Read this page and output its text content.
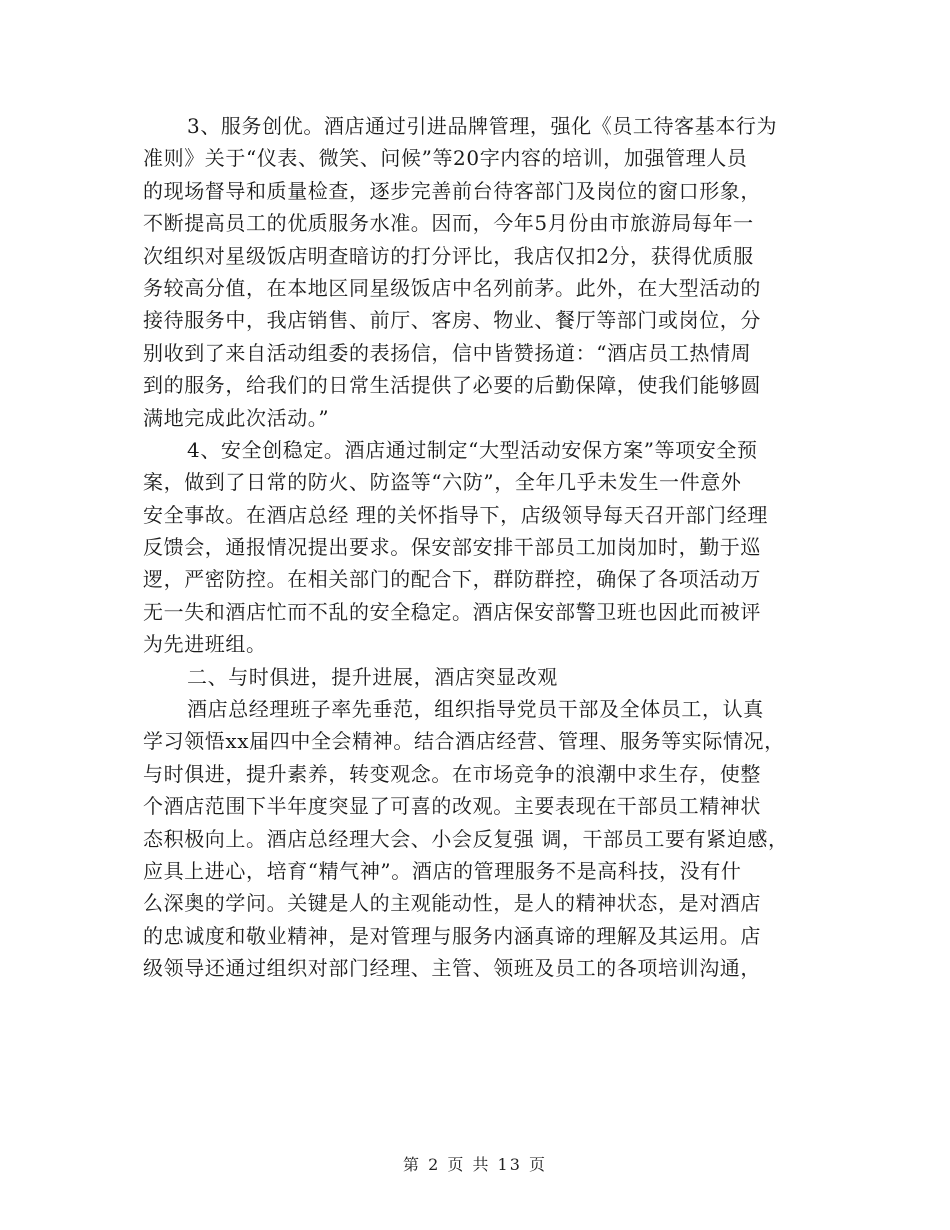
3、服务创优。酒店通过引进品牌管理，强化《员工待客基本行为
准则》关于“仪表、微笑、问候”等20字内容的培训，加强管理人员
的现场督导和质量检查，逐步完善前台待客部门及岗位的窗口形象，
不断提高员工的优质服务水准。因而，今年5月份由市旅游局每年一
次组织对星级饭店明查暗访的打分评比，我店仅扣2分，获得优质服
务较高分值，在本地区同星级饭店中名列前茅。此外，在大型活动的
接待服务中，我店销售、前厅、客房、物业、餐厅等部门或岗位，分
别收到了来自活动组委的表扬信，信中皆赞扬道：“酒店员工热情周
到的服务，给我们的日常生活提供了必要的后勤保障，使我们能够圆
满地完成此次活动。”
4、安全创稳定。酒店通过制定“大型活动安保方案”等项安全预
案，做到了日常的防火、防盗等“六防”，全年几乎未发生一件意外
安全事故。在酒店总经 理的关怀指导下，店级领导每天召开部门经理
反馈会，通报情况提出要求。保安部安排干部员工加岗加时，勤于巡
逻，严密防控。在相关部门的配合下，群防群控，确保了各项活动万
无一失和酒店忙而不乱的安全稳定。酒店保安部警卫班也因此而被评
为先进班组。
二、与时俱进，提升进展，酒店突显改观
酒店总经理班子率先垂范，组织指导党员干部及全体员工，认真
学习领悟xx届四中全会精神。结合酒店经营、管理、服务等实际情况，
与时俱进，提升素养，转变观念。在市场竞争的浪潮中求生存，使整
个酒店范围下半年度突显了可喜的改观。主要表现在干部员工精神状
态积极向上。酒店总经理大会、小会反复强 调，干部员工要有紧迫感，
应具上进心，培育“精气神”。酒店的管理服务不是高科技，没有什
么深奥的学问。关键是人的主观能动性，是人的精神状态，是对酒店
的忠诚度和敬业精神，是对管理与服务内涵真谛的理解及其运用。店
级领导还通过组织对部门经理、主管、领班及员工的各项培训沟通，
第 2 页 共 13 页
